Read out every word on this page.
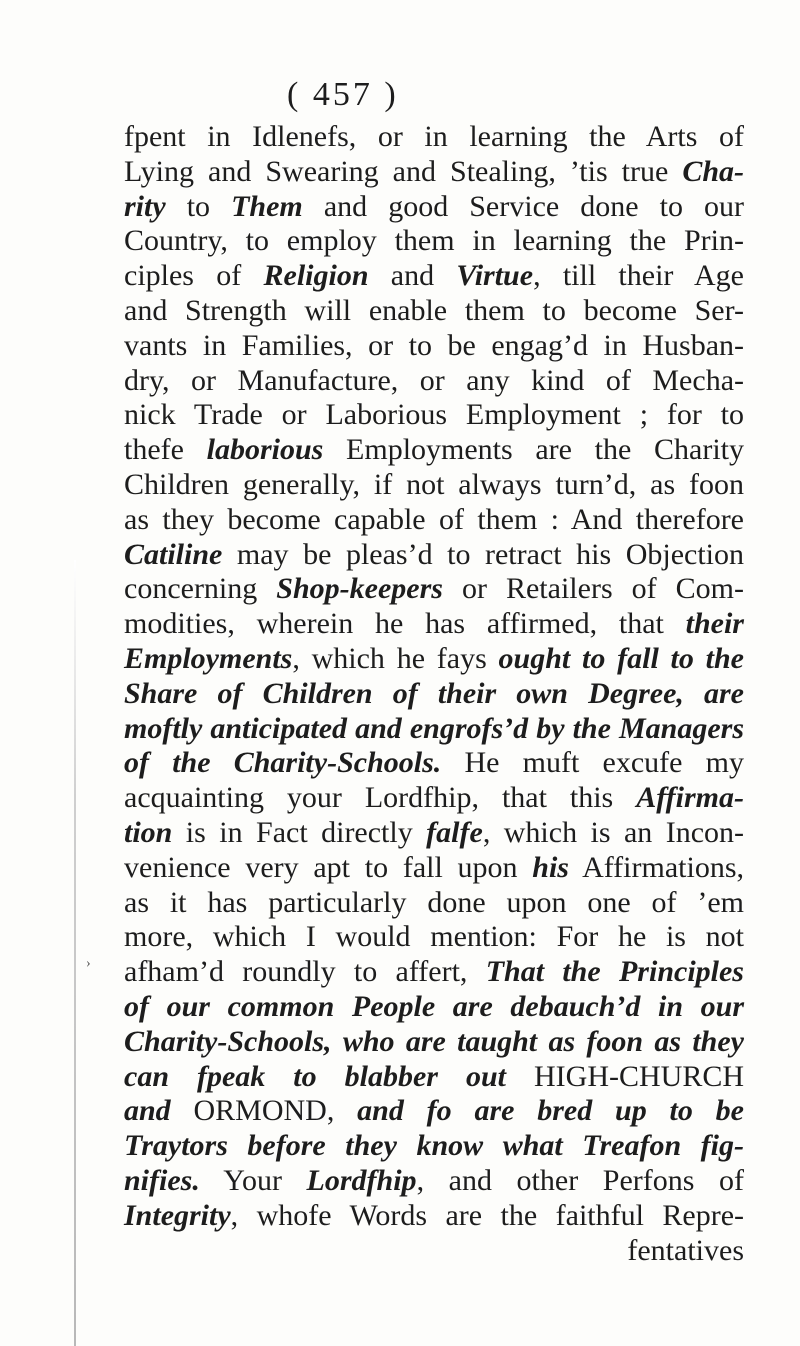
›
( 457 )
fpent in Idlenefs, or in learning the Arts of
Lying and Swearing and Stealing, ’tis true Cha-
rity to Them and good Service done to our
Country, to employ them in learning the Prin-
ciples of Religion and Virtue, till their Age
and Strength will enable them to become Ser-
vants in Families, or to be engag’d in Husban-
dry, or Manufacture, or any kind of Mecha-
nick Trade or Laborious Employment ; for to
thefe laborious Employments are the Charity
Children generally, if not always turn’d, as foon
as they become capable of them : And therefore
Catiline may be pleas’d to retract his Objection
concerning Shop-keepers or Retailers of Com-
modities, wherein he has affirmed, that their
Employments, which he fays ought to fall to the
Share of Children of their own Degree, are
moftly anticipated and engrofs’d by the Managers
of the Charity-Schools. He muft excufe my
acquainting your Lordfhip, that this Affirma-
tion is in Fact directly falfe, which is an Incon-
venience very apt to fall upon his Affirmations,
as it has particularly done upon one of ’em
more, which I would mention: For he is not
afham’d roundly to affert, That the Principles
of our common People are debauch’d in our
Charity-Schools, who are taught as foon as they
can fpeak to blabber out HIGH-CHURCH
and ORMOND, and fo are bred up to be
Traytors before they know what Treafon fig-
nifies. Your Lordfhip, and other Perfons of
Integrity, whofe Words are the faithful Repre-
fentatives
